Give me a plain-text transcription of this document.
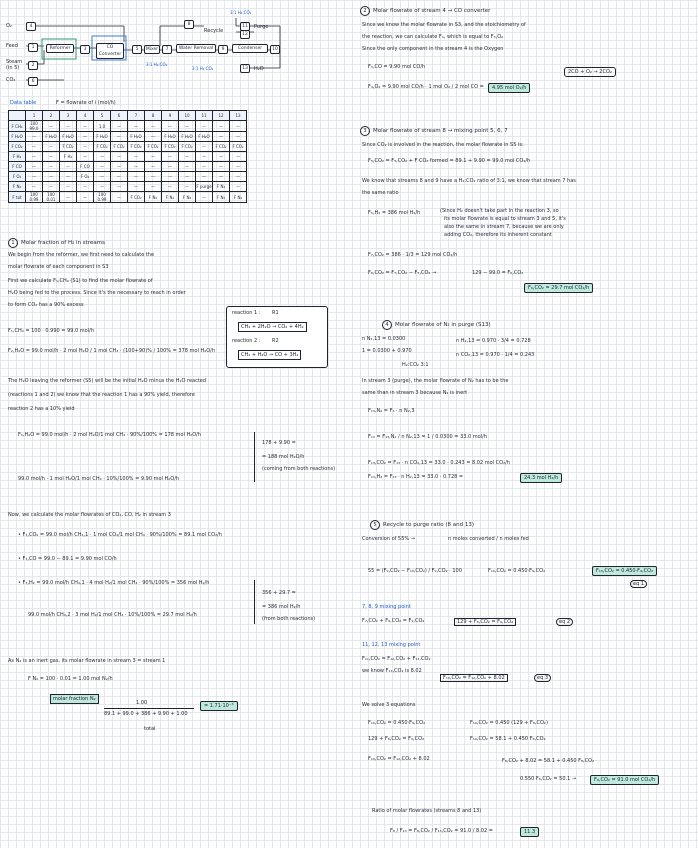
O₂
Feed
Steam
(in 5)
CO₂
4
1
2
6
Reformer	CO Converter
3	5	Mixer	7	Water Removal	9	Condenser	10
8
Recycle
11
12
Purge
13	H₂O
3:1 H₂:CO₂
3:1 H₂:CO₂
3:1 H₂:CO₂
Data table	F = flowrate of i (mol/h)
	1	2	3	4	5	6	7	8	9	10	11	12	13
F CH₄	100 99.0	—	—	—	1.0	—	—	—	—	—	—	—	—
F H₂O	—	F H₂O	F H₂O	—	F H₂O	—	F H₂O	—	F H₂O	F H₂O	F H₂O	—	—
F CO₂	—	—	F CO₂	—	F CO₂	F CO₂	F CO₂	F CO₂	F CO₂	F CO₂	—	F CO₂	F CO₂
F H₂	—	—	F H₂	—	—	—	—	—	—	—	—	—	—
F CO	—	—	—	F CO	—	—	—	—	—	—	—	—	—
F O₂	—	—	—	F O₂	—	—	—	—	—	—	—	—	—
F N₂	—	—	—	—	—	—	—	—	—	—	F purge	F N₂	—
F tot	100 0.99	100 0.01	—	—	100 0.99	—	F CO₂	F N₂	F N₂	F N₂	—	F N₂	F N₂
1 Molar fraction of H₂ in streams
We begin from the reformer, we first need to calculate the
molar flowrate of each component in S3
First we calculate F₁,CH₄ (S1) to find the molar flowrate of
H₂O being fed to the process. Since it's the necessary to reach in order
to form CO₂ has a 90% excess
reaction 1 : R1
CH₄ + 2H₂O → CO₂ + 4H₂
reaction 2 : R2
CH₄ + H₂O → CO + 3H₂
F₁,CH₄ = 100 · 0.990 = 99.0 mol/h
F₂,H₂O = 99.0 mol/h · 2 mol H₂O / 1 mol CH₄ · (100+90)% / 100% = 378 mol H₂O/h
The H₂O leaving the reformer (S5) will be the initial H₂O minus the H₂O reacted
(reactions 1 and 2) we know that the reaction 1 has a 90% yield, therefore
reaction 2 has a 10% yield
F₅,H₂O = 99.0 mol/h · 2 mol H₂O/1 mol CH₄ · 90%/100% = 178 mol H₂O/h
99.0 mol/h · 1 mol H₂O/1 mol CH₄ · 10%/100% = 9.90 mol H₂O/h
178 + 9.90 =
= 188 mol H₂O/h
(coming from both reactions)
Now, we calculate the molar flowrates of CO₂, CO, H₂ in stream 3
• F₃,CO₂ = 99.0 mol/h CH₄,1 · 1 mol CO₂/1 mol CH₄ · 90%/100% = 89.1 mol CO₂/h
• F₃,CO = 99.0 − 89.1 = 9.90 mol CO/h
• F₃,H₂ = 99.0 mol/h CH₄,1 · 4 mol H₂/1 mol CH₄ · 90%/100% = 356 mol H₂/h
99.0 mol/h CH₄,2 · 3 mol H₂/1 mol CH₄ · 10%/100% = 29.7 mol H₂/h
356 + 29.7 =
= 386 mol H₂/h
(from both reactions)
As N₂ is an inert gas, its molar flowrate in stream 3 = stream 1
F N₂ = 100 · 0.01 = 1.00 mol N₂/h
molar fraction N₂
1.00
89.1 + 99.0 + 386 + 9.90 + 1.00
total
= 1.71·10⁻³
2 Molar flowrate of stream 4 → CO converter
Since we know the molar flowrate in S3, and the stoichiometry of
the reaction, we can calculate F₄, which is equal to F₄,O₂
Since the only component in the stream 4 is the Oxygen
F₃,CO = 9.90 mol CO/h
F₄,O₂ = 9.90 mol CO/h · 1 mol O₂ / 2 mol CO =	4.95 mol O₂/h
2CO + O₂ → 2CO₂
3 Molar flowrate of stream 8 → mixing point 5, 6, 7
Since CO₂ is involved in the reaction, the molar flowrate in S5 is:
F₅,CO₂ = F₃,CO₂ + F CO₂ formed = 89.1 + 9.90 = 99.0 mol CO₂/h
We know that streams 8 and 9 have a H₂:CO₂ ratio of 3:1, we know that stream 7 has
the same ratio
F₅,H₂ = 386 mol H₂/h	(Since H₂ doesn't take part in the reaction 3, so
its molar flowrate is equal to stream 3 and 5, it's
also the same in stream 7, because we are only
adding CO₂, therefore its inherent constant
F₇,CO₂ = 386 · 1/3 = 129 mol CO₂/h
F₆,CO₂ = F₇,CO₂ − F₅,CO₂ →	129 − 99.0 = F₆,CO₂
F₆,CO₂ = 29.7 mol CO₂/h
4 Molar flowrate of N₂ in purge (S13)
n N₂,13 = 0.0300
1 = 0.0300 + 0.970
n H₂,13 = 0.970 · 3/4 = 0.728
n CO₂,13 = 0.970 · 1/4 = 0.243
H₂:CO₂ 3:1
In stream 3 (purge), the molar flowrate of N₂ has to be the
same than in stream 3 because N₂ is inert
F₁₃,N₂ = F₃ · n N₂,3
F₁₃ = F₁₃,N₂ / n N₂,13 = 1 / 0.0300 = 33.0 mol/h
F₁₃,CO₂ = F₁₃ · n CO₂,13 = 33.0 · 0.243 = 8.02 mol CO₂/h
F₁₃,H₂ = F₁₃ · n H₂,13 = 33.0 · 0.728 =	24.3 mol H₂/h
5 Recycle to purge ratio (8 and 13)
Conversion of 55% →	n moles converted / n moles fed
55 = (F₉,CO₂ − F₁₀,CO₂) / F₉,CO₂ · 100	F₁₀,CO₂ = 0.450·F₉,CO₂	F₁₀,CO₂ = 0.450·F₉,CO₂
eq 1
7, 8, 9 mixing point
F₇,CO₂ + F₈,CO₂ = F₉,CO₂	129 + F₈,CO₂ = F₉,CO₂	eq 2
11, 12, 13 mixing point
F₁₁,CO₂ = F₁₂,CO₂ + F₁₃,CO₂
we know F₁₃,CO₂ is 8.02
F₁₀,CO₂ = F₁₂,CO₂ + 8.02	eq 3
We solve 3 equations
F₁₀,CO₂ = 0.450·F₉,CO₂
129 + F₈,CO₂ = F₉,CO₂
F₁₀,CO₂ = F₁₂,CO₂ + 8.02
F₁₀,CO₂ = 0.450 (129 + F₈,CO₂)
F₁₀,CO₂ = 58.1 + 0.450 F₈,CO₂
F₈,CO₂ + 8.02 = 58.1 + 0.450 F₈,CO₂
0.550 F₈,CO₂ = 50.1 →	F₈,CO₂ = 91.0 mol CO₂/h
Ratio of molar flowrates (streams 8 and 13)
F₈ / F₁₃ = F₈,CO₂ / F₁₃,CO₂ = 91.0 / 8.02 =	11.3
